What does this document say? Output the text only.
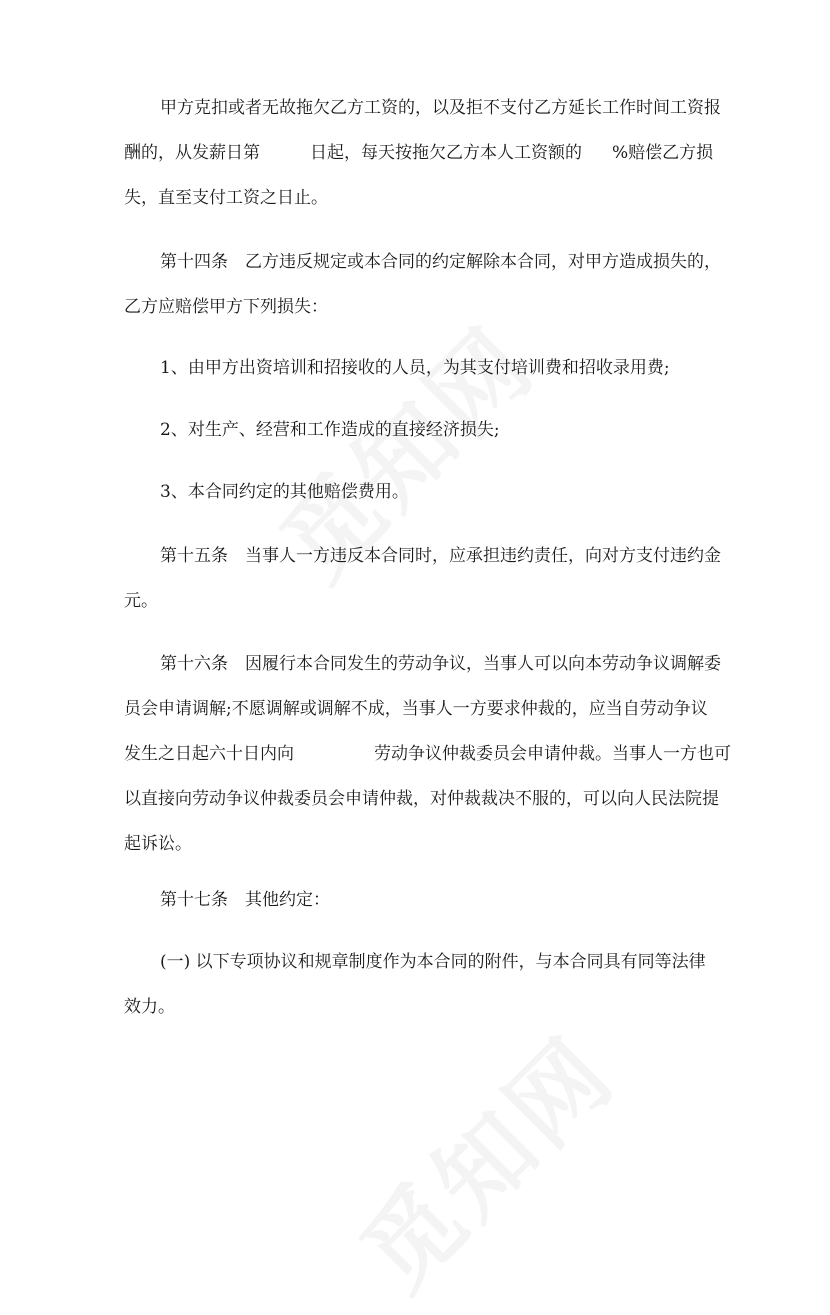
甲方克扣或者无故拖欠乙方工资的，以及拒不支付乙方延长工作时间工资报
酬的，从发薪日第	日起，每天按拖欠乙方本人工资额的 %赔偿乙方损
失，直至支付工资之日止。
第十四条　乙方违反规定或本合同的约定解除本合同，对甲方造成损失的，
乙方应赔偿甲方下列损失：
1、由甲方出资培训和招接收的人员，为其支付培训费和招收录用费;
2、对生产、经营和工作造成的直接经济损失;
3、本合同约定的其他赔偿费用。
第十五条　当事人一方违反本合同时，应承担违约责任，向对方支付违约金
元。
第十六条　因履行本合同发生的劳动争议，当事人可以向本劳动争议调解委
员会申请调解;不愿调解或调解不成，当事人一方要求仲裁的，应当自劳动争议
发生之日起六十日内向	劳动争议仲裁委员会申请仲裁。当事人一方也可
以直接向劳动争议仲裁委员会申请仲裁，对仲裁裁决不服的，可以向人民法院提
起诉讼。
第十七条　其他约定：
(一) 以下专项协议和规章制度作为本合同的附件，与本合同具有同等法律
效力。
